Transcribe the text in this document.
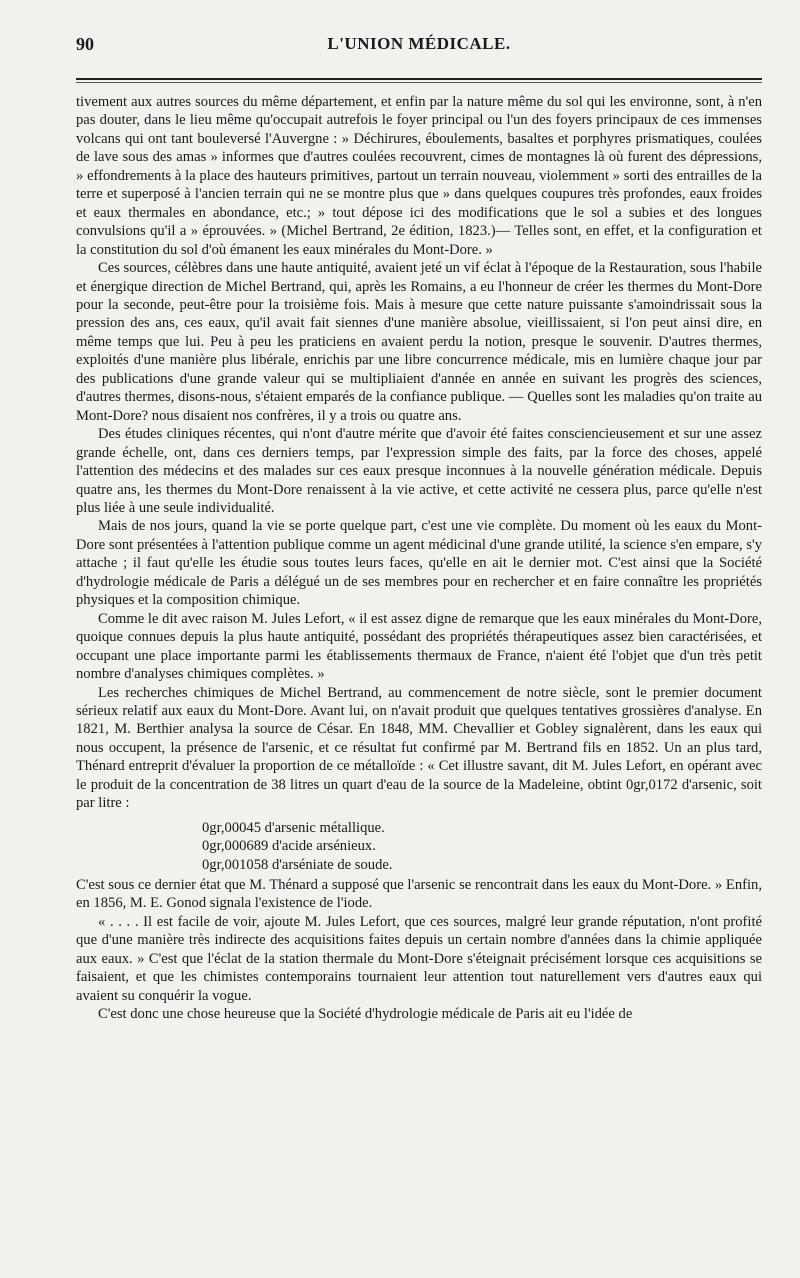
90	L'UNION MÉDICALE.

tivement aux autres sources du même département, et enfin par la nature même du sol qui les environne, sont, à n'en pas douter, dans le lieu même qu'occupait autrefois le foyer principal ou l'un des foyers principaux de ces immenses volcans qui ont tant bouleversé l'Auvergne : » Déchirures, éboulements, basaltes et porphyres prismatiques, coulées de lave sous des amas » informes que d'autres coulées recouvrent, cimes de montagnes là où furent des dépressions, » effondrements à la place des hauteurs primitives, partout un terrain nouveau, violemment » sorti des entrailles de la terre et superposé à l'ancien terrain qui ne se montre plus que » dans quelques coupures très profondes, eaux froides et eaux thermales en abondance, etc.; » tout dépose ici des modifications que le sol a subies et des longues convulsions qu'il a » éprouvées. » (Michel Bertrand, 2e édition, 1823.)— Telles sont, en effet, et la configuration et la constitution du sol d'où émanent les eaux minérales du Mont-Dore. »

Ces sources, célèbres dans une haute antiquité, avaient jeté un vif éclat à l'époque de la Restauration, sous l'habile et énergique direction de Michel Bertrand, qui, après les Romains, a eu l'honneur de créer les thermes du Mont-Dore pour la seconde, peut-être pour la troisième fois. Mais à mesure que cette nature puissante s'amoindrissait sous la pression des ans, ces eaux, qu'il avait fait siennes d'une manière absolue, vieillissaient, si l'on peut ainsi dire, en même temps que lui. Peu à peu les praticiens en avaient perdu la notion, presque le souvenir. D'autres thermes, exploités d'une manière plus libérale, enrichis par une libre concurrence médicale, mis en lumière chaque jour par des publications d'une grande valeur qui se multipliaient d'année en année en suivant les progrès des sciences, d'autres thermes, disons-nous, s'étaient emparés de la confiance publique. — Quelles sont les maladies qu'on traite au Mont-Dore? nous disaient nos confrères, il y a trois ou quatre ans.

Des études cliniques récentes, qui n'ont d'autre mérite que d'avoir été faites consciencieusement et sur une assez grande échelle, ont, dans ces derniers temps, par l'expression simple des faits, par la force des choses, appelé l'attention des médecins et des malades sur ces eaux presque inconnues à la nouvelle génération médicale. Depuis quatre ans, les thermes du Mont-Dore renaissent à la vie active, et cette activité ne cessera plus, parce qu'elle n'est plus liée à une seule individualité.

Mais de nos jours, quand la vie se porte quelque part, c'est une vie complète. Du moment où les eaux du Mont-Dore sont présentées à l'attention publique comme un agent médicinal d'une grande utilité, la science s'en empare, s'y attache ; il faut qu'elle les étudie sous toutes leurs faces, qu'elle en ait le dernier mot. C'est ainsi que la Société d'hydrologie médicale de Paris a délégué un de ses membres pour en rechercher et en faire connaître les propriétés physiques et la composition chimique.

Comme le dit avec raison M. Jules Lefort, « il est assez digne de remarque que les eaux minérales du Mont-Dore, quoique connues depuis la plus haute antiquité, possédant des propriétés thérapeutiques assez bien caractérisées, et occupant une place importante parmi les établissements thermaux de France, n'aient été l'objet que d'un très petit nombre d'analyses chimiques complètes. »

Les recherches chimiques de Michel Bertrand, au commencement de notre siècle, sont le premier document sérieux relatif aux eaux du Mont-Dore. Avant lui, on n'avait produit que quelques tentatives grossières d'analyse. En 1821, M. Berthier analysa la source de César. En 1848, MM. Chevallier et Gobley signalèrent, dans les eaux qui nous occupent, la présence de l'arsenic, et ce résultat fut confirmé par M. Bertrand fils en 1852. Un an plus tard, Thénard entreprit d'évaluer la proportion de ce métalloïde : « Cet illustre savant, dit M. Jules Lefort, en opérant avec le produit de la concentration de 38 litres un quart d'eau de la source de la Madeleine, obtint 0gr,0172 d'arsenic, soit par litre :

0gr,00045 d'arsenic métallique.
0gr,000689 d'acide arsénieux.
0gr,001058 d'arséniate de soude.

C'est sous ce dernier état que M. Thénard a supposé que l'arsenic se rencontrait dans les eaux du Mont-Dore. » Enfin, en 1856, M. E. Gonod signala l'existence de l'iode.

« . . . . Il est facile de voir, ajoute M. Jules Lefort, que ces sources, malgré leur grande réputation, n'ont profité que d'une manière très indirecte des acquisitions faites depuis un certain nombre d'années dans la chimie appliquée aux eaux. » C'est que l'éclat de la station thermale du Mont-Dore s'éteignait précisément lorsque ces acquisitions se faisaient, et que les chimistes contemporains tournaient leur attention tout naturellement vers d'autres eaux qui avaient su conquérir la vogue.

C'est donc une chose heureuse que la Société d'hydrologie médicale de Paris ait eu l'idée de
